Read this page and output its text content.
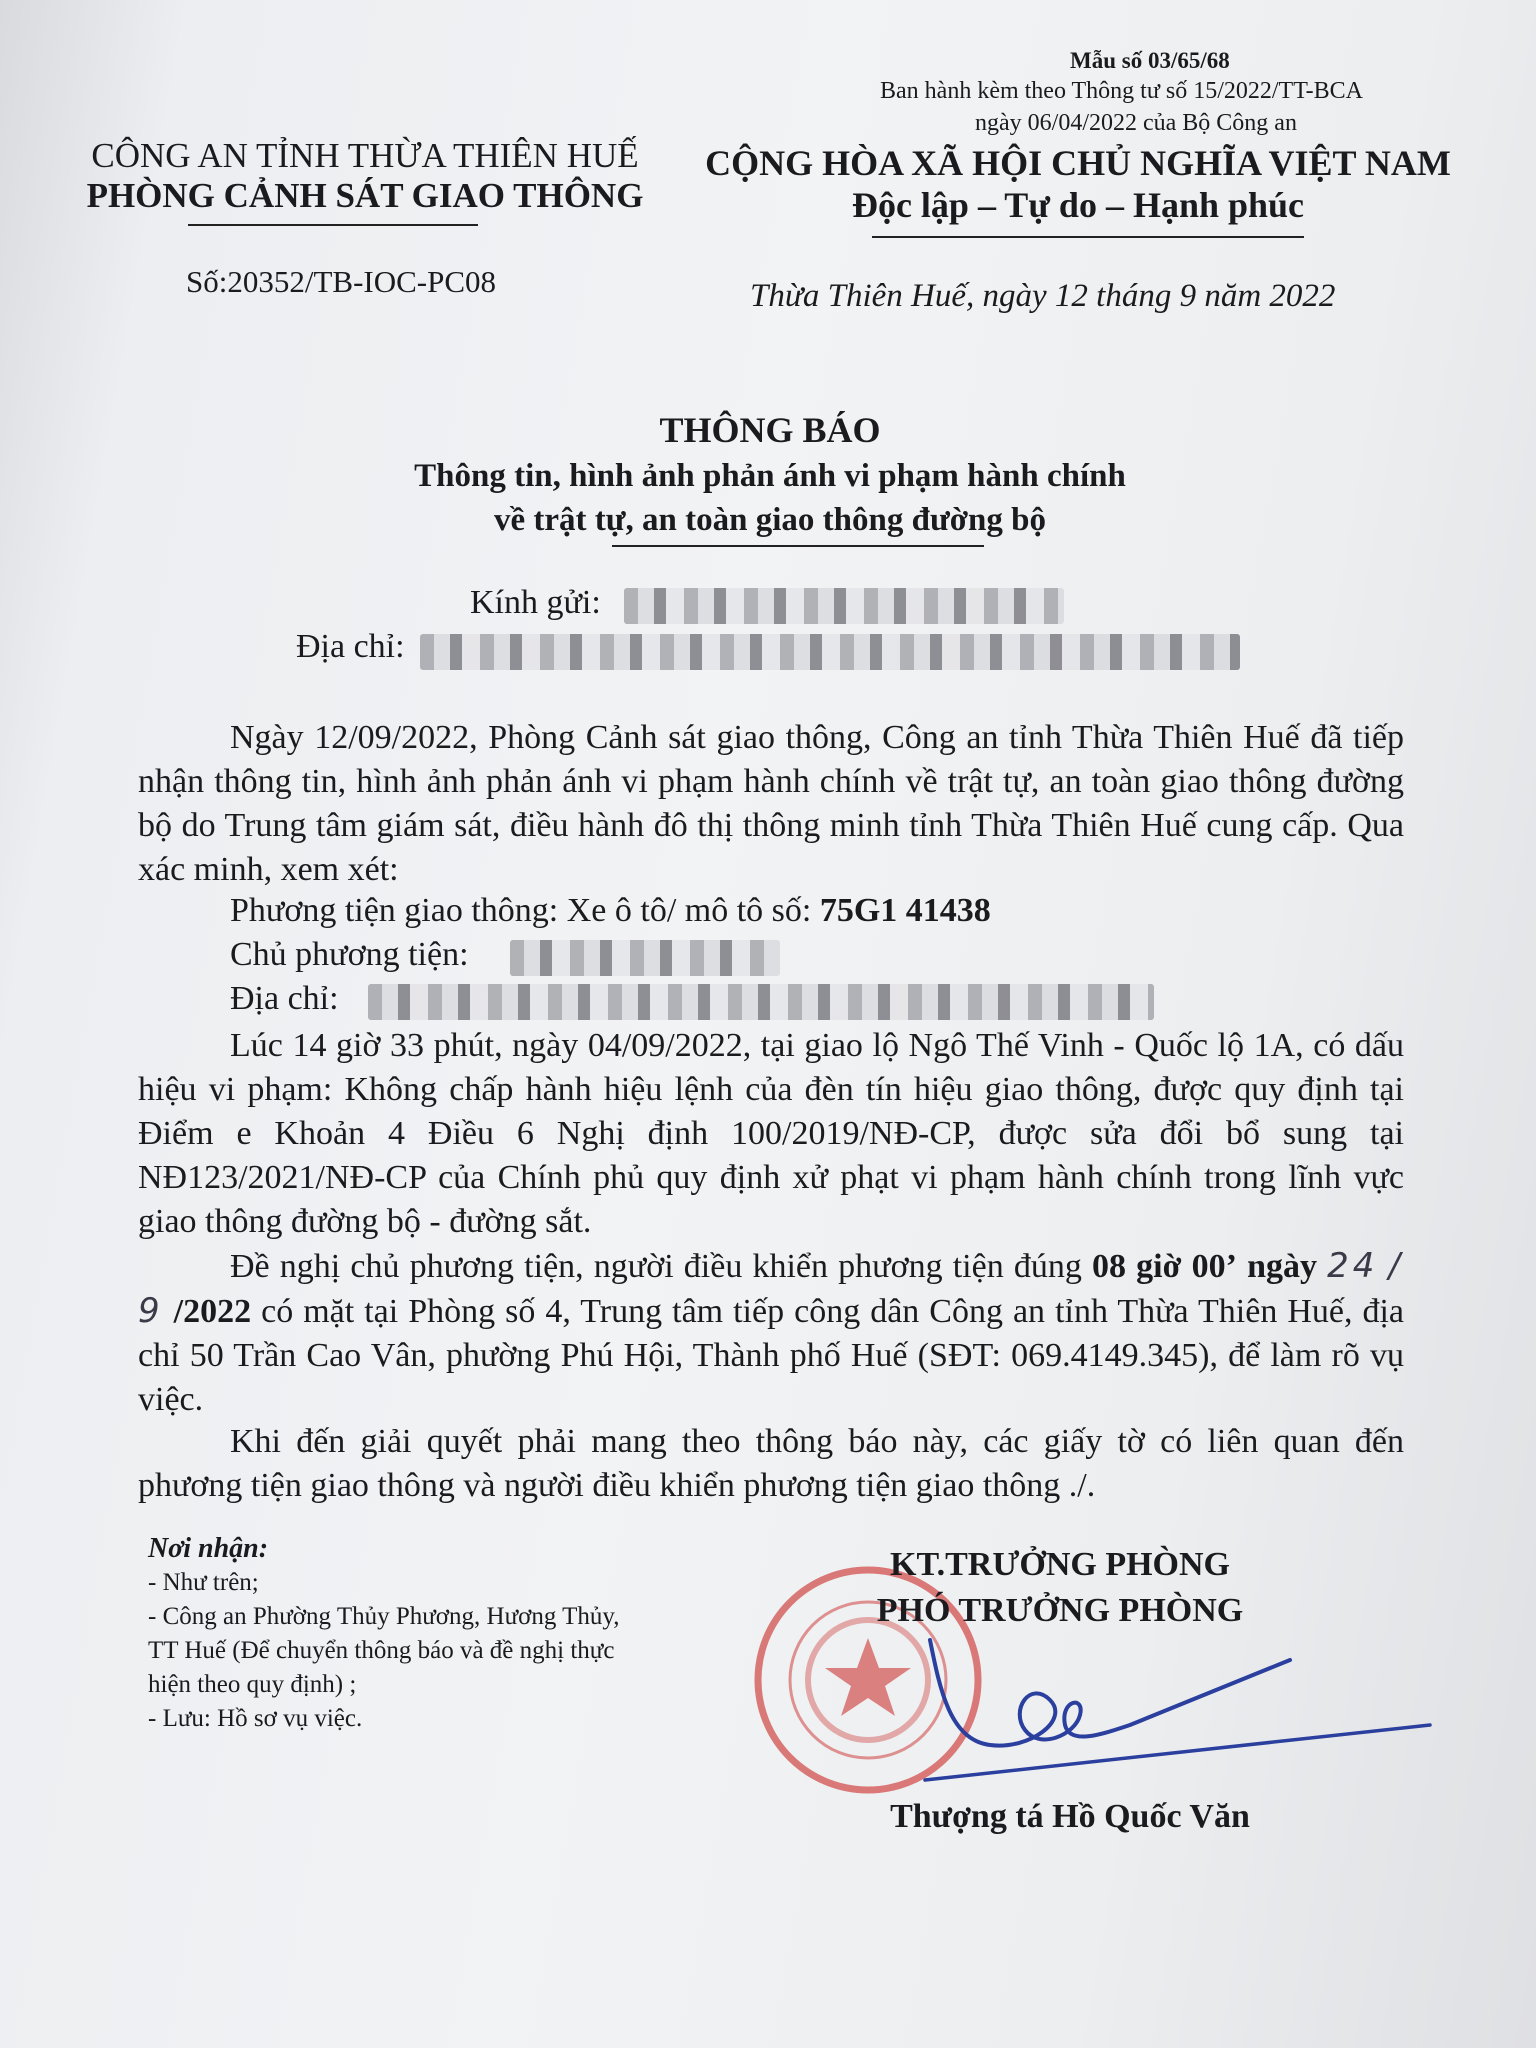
Mẫu số 03/65/68
Ban hành kèm theo Thông tư số 15/2022/TT-BCA
ngày 06/04/2022 của Bộ Công an
CÔNG AN TỈNH THỪA THIÊN HUẾ
PHÒNG CẢNH SÁT GIAO THÔNG
CỘNG HÒA XÃ HỘI CHỦ NGHĨA VIỆT NAM
Độc lập – Tự do – Hạnh phúc
Số:20352/TB-IOC-PC08	Thừa Thiên Huế, ngày 12 tháng 9 năm 2022
THÔNG BÁO
Thông tin, hình ảnh phản ánh vi phạm hành chính
về trật tự, an toàn giao thông đường bộ
Kính gửi:
Địa chỉ:
Ngày 12/09/2022, Phòng Cảnh sát giao thông, Công an tỉnh Thừa Thiên Huế đã tiếp nhận thông tin, hình ảnh phản ánh vi phạm hành chính về trật tự, an toàn giao thông đường bộ do Trung tâm giám sát, điều hành đô thị thông minh tỉnh Thừa Thiên Huế cung cấp. Qua xác minh, xem xét:
Phương tiện giao thông: Xe ô tô/ mô tô số: 75G1 41438
Chủ phương tiện:
Địa chỉ:
Lúc 14 giờ 33 phút, ngày 04/09/2022, tại giao lộ Ngô Thế Vinh - Quốc lộ 1A, có dấu hiệu vi phạm: Không chấp hành hiệu lệnh của đèn tín hiệu giao thông, được quy định tại Điểm e Khoản 4 Điều 6 Nghị định 100/2019/NĐ-CP, được sửa đổi bổ sung tại NĐ123/2021/NĐ-CP của Chính phủ quy định xử phạt vi phạm hành chính trong lĩnh vực giao thông đường bộ - đường sắt.
Đề nghị chủ phương tiện, người điều khiển phương tiện đúng 08 giờ 00’ ngày 24 / 9 /2022 có mặt tại Phòng số 4, Trung tâm tiếp công dân Công an tỉnh Thừa Thiên Huế, địa chỉ 50 Trần Cao Vân, phường Phú Hội, Thành phố Huế (SĐT: 069.4149.345), để làm rõ vụ việc.
Khi đến giải quyết phải mang theo thông báo này, các giấy tờ có liên quan đến phương tiện giao thông và người điều khiển phương tiện giao thông ./.
Nơi nhận:
- Như trên;
- Công an Phường Thủy Phương, Hương Thủy,
TT Huế (Để chuyển thông báo và đề nghị thực
hiện theo quy định) ;
- Lưu: Hồ sơ vụ việc.
KT.TRƯỞNG PHÒNG
PHÓ TRƯỞNG PHÒNG
Thượng tá Hồ Quốc Văn
